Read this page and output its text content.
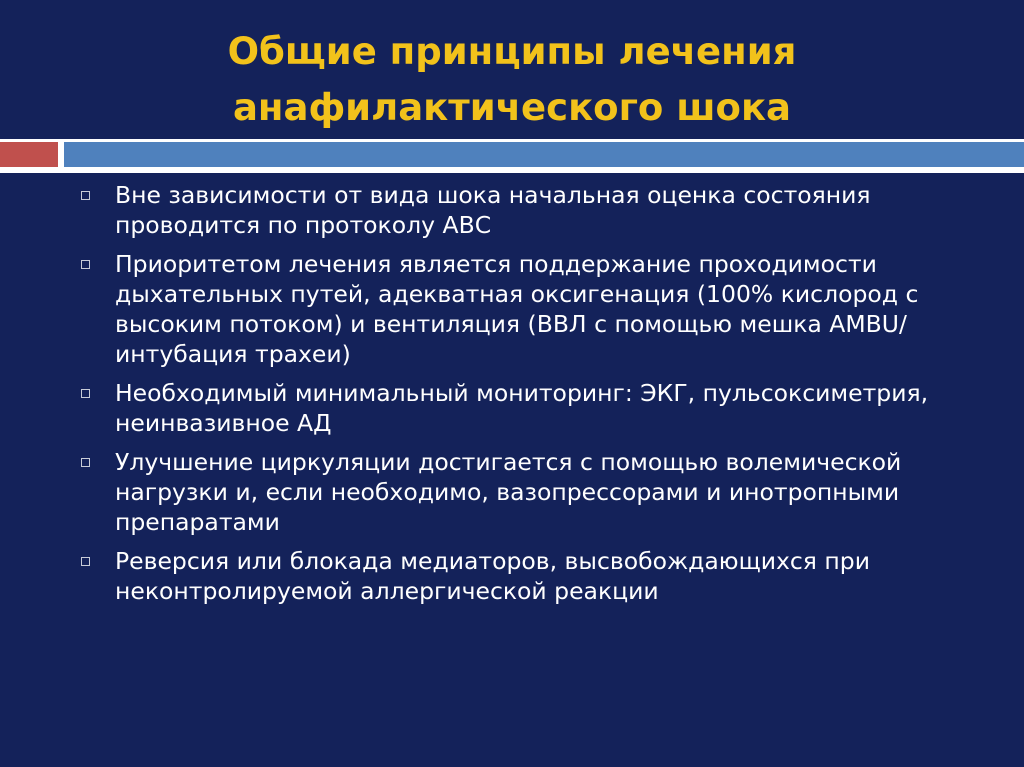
Общие принципы лечения
анафилактического шока
Вне зависимости от вида шока начальная оценка состояния проводится по протоколу АВС
Приоритетом лечения является поддержание проходимости дыхательных путей, адекватная оксигенация (100% кислород с высоким потоком) и вентиляция (ВВЛ с помощью мешка AMBU/интубация трахеи)
Необходимый минимальный мониторинг: ЭКГ, пульсоксиметрия, неинвазивное АД
Улучшение циркуляции достигается с помощью волемической нагрузки и, если необходимо, вазопрессорами и инотропными препаратами
Реверсия или блокада медиаторов, высвобождающихся при неконтролируемой аллергической реакции
